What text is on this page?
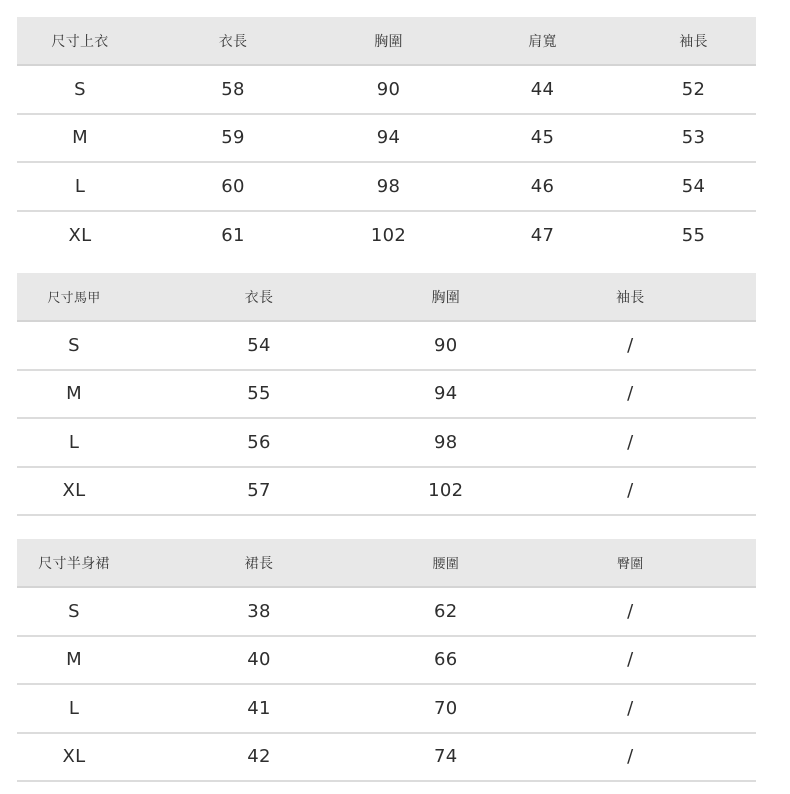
尺寸上衣	衣長	胸圍	肩寬	袖長
S	58	90	44	52
M	59	94	45	53
L	60	98	46	54
XL	61	102	47	55
尺寸馬甲	衣長	胸圍	袖長
S	54	90	/
M	55	94	/
L	56	98	/
XL	57	102	/
尺寸半身裙	裙長	腰圍	臀圍
S	38	62	/
M	40	66	/
L	41	70	/
XL	42	74	/
